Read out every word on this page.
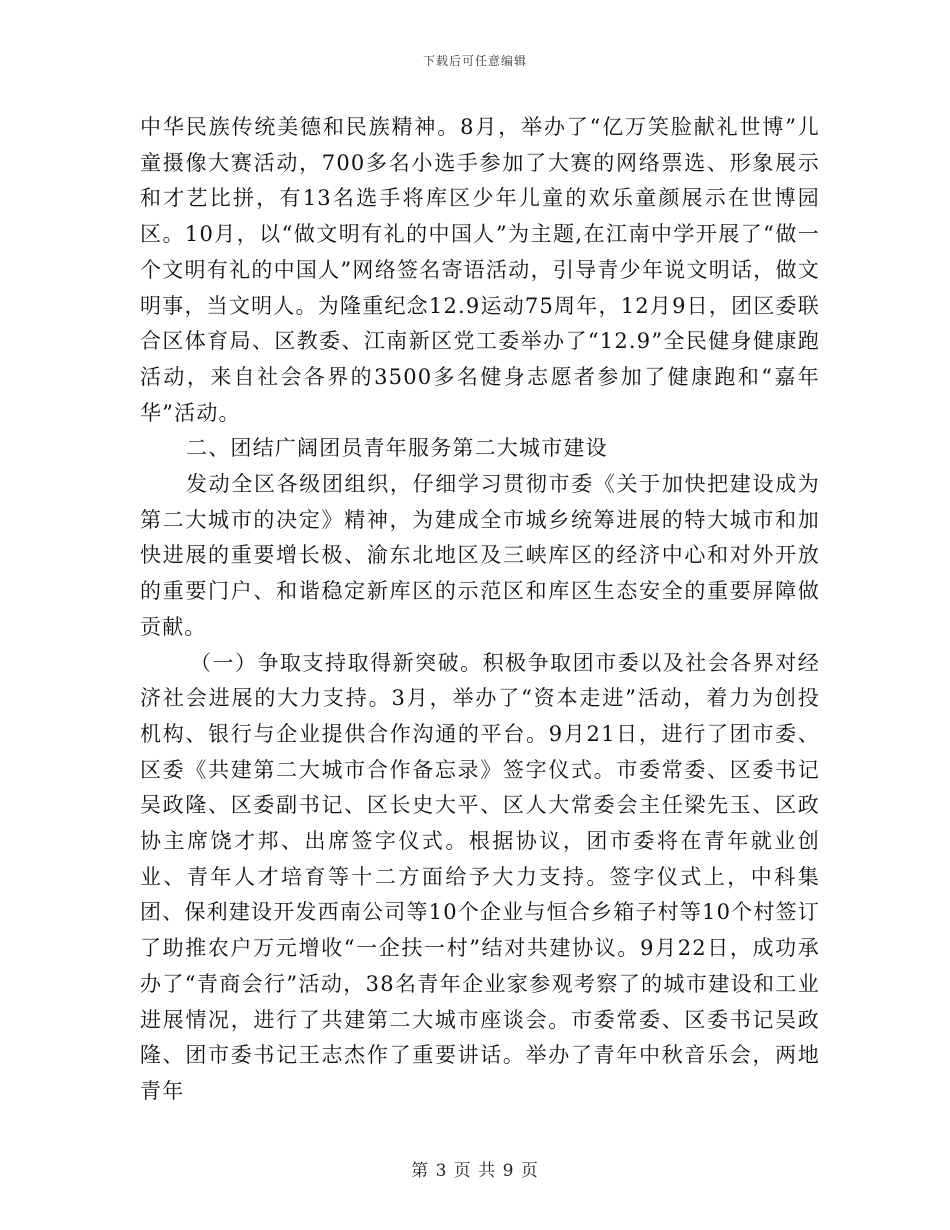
下载后可任意编辑

中华民族传统美德和民族精神。8月，举办了“亿万笑脸献礼世博”儿童摄像大赛活动，700多名小选手参加了大赛的网络票选、形象展示和才艺比拼，有13名选手将库区少年儿童的欢乐童颜展示在世博园区。10月，以“做文明有礼的中国人”为主题,在江南中学开展了“做一个文明有礼的中国人”网络签名寄语活动，引导青少年说文明话，做文明事，当文明人。为隆重纪念12.9运动75周年，12月9日，团区委联合区体育局、区教委、江南新区党工委举办了“12.9”全民健身健康跑活动，来自社会各界的3500多名健身志愿者参加了健康跑和“嘉年华”活动。

二、团结广阔团员青年服务第二大城市建设

发动全区各级团组织，仔细学习贯彻市委《关于加快把建设成为第二大城市的决定》精神，为建成全市城乡统筹进展的特大城市和加快进展的重要增长极、渝东北地区及三峡库区的经济中心和对外开放的重要门户、和谐稳定新库区的示范区和库区生态安全的重要屏障做贡献。

（一）争取支持取得新突破。积极争取团市委以及社会各界对经济社会进展的大力支持。3月，举办了“资本走进”活动，着力为创投机构、银行与企业提供合作沟通的平台。9月21日，进行了团市委、区委《共建第二大城市合作备忘录》签字仪式。市委常委、区委书记吴政隆、区委副书记、区长史大平、区人大常委会主任梁先玉、区政协主席饶才邦、出席签字仪式。根据协议，团市委将在青年就业创业、青年人才培育等十二方面给予大力支持。签字仪式上，中科集团、保利建设开发西南公司等10个企业与恒合乡箱子村等10个村签订了助推农户万元增收“一企扶一村”结对共建协议。9月22日，成功承办了“青商会行”活动，38名青年企业家参观考察了的城市建设和工业进展情况，进行了共建第二大城市座谈会。市委常委、区委书记吴政隆、团市委书记王志杰作了重要讲话。举办了青年中秋音乐会，两地青年

第 3 页 共 9 页
